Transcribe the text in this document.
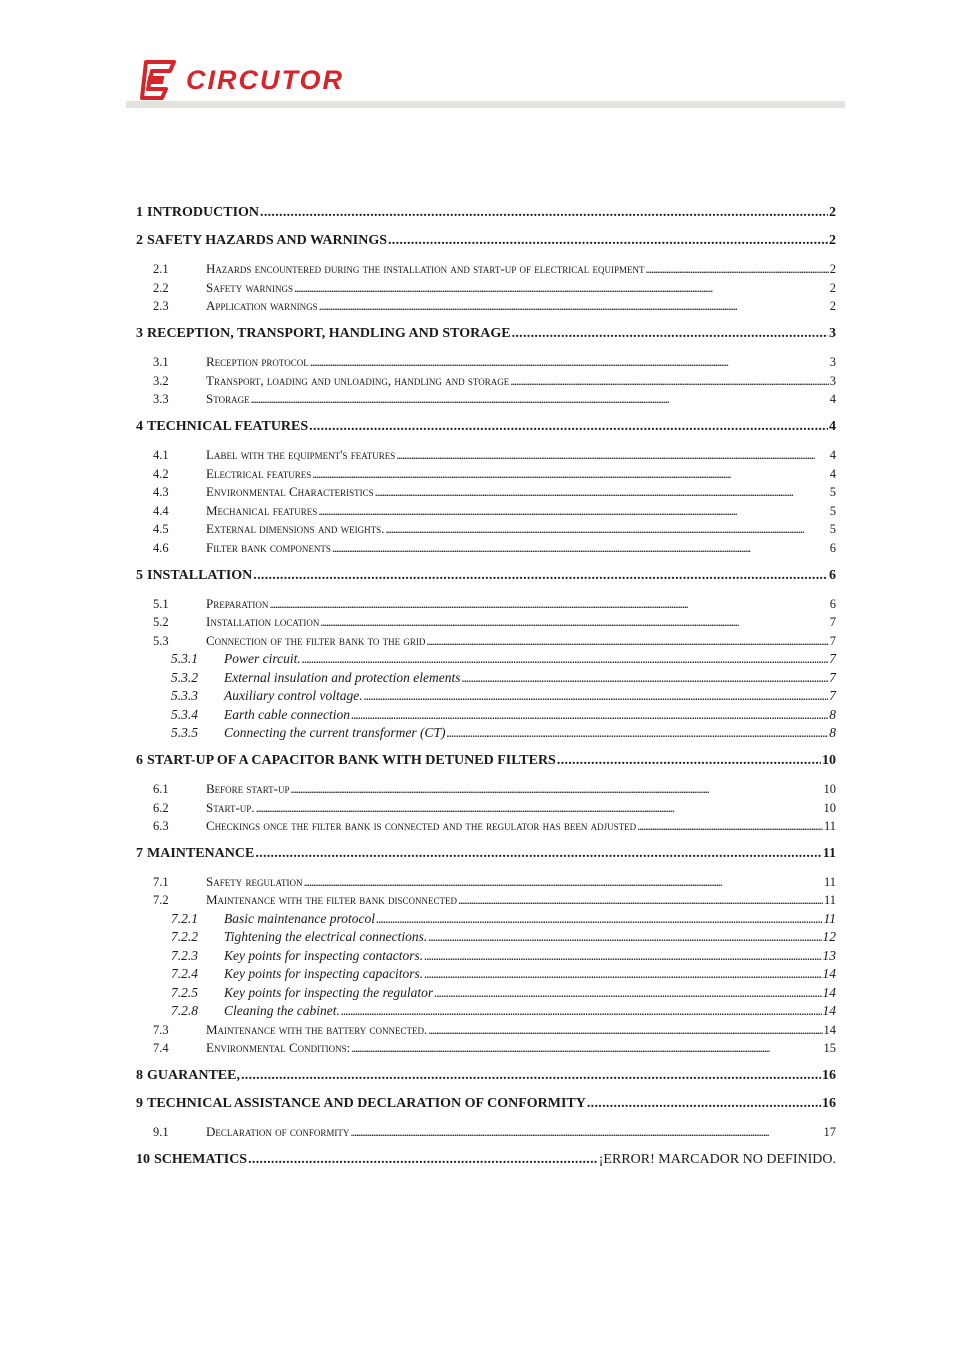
CIRCUTOR
1 INTRODUCTION . . .	2
2 SAFETY HAZARDS AND WARNINGS . . .	2
2.1	Hazards encountered during the installation and start-up of electrical equipment . . .	2
2.2	Safety warnings . . .	2
2.3	Application warnings . . .	2
3 RECEPTION, TRANSPORT, HANDLING AND STORAGE . . .	3
3.1	Reception protocol . . .	3
3.2	Transport, loading and unloading, handling and storage . . .	3
3.3	Storage . . .	4
4 TECHNICAL FEATURES . . .	4
4.1	Label with the equipment's features . . .	4
4.2	Electrical features . . .	4
4.3	Environmental Characteristics . . .	5
4.4	Mechanical features . . .	5
4.5	External dimensions and weights. . . .	5
4.6	Filter bank components . . .	6
5 INSTALLATION . . .	6
5.1	Preparation . . .	6
5.2	Installation location . . .	7
5.3	Connection of the filter bank to the grid . . .	7
5.3.1	Power circuit. . . .	7
5.3.2	External insulation and protection elements . . .	7
5.3.3	Auxiliary control voltage. . . .	7
5.3.4	Earth cable connection . . .	8
5.3.5	Connecting the current transformer (CT) . . .	8
6 START-UP OF A CAPACITOR BANK WITH DETUNED FILTERS . . .	10
6.1	Before start-up . . .	10
6.2	Start-up. . . .	10
6.3	Checkings once the filter bank is connected and the regulator has been adjusted . . .	11
7 MAINTENANCE . . .	11
7.1	Safety regulation . . .	11
7.2	Maintenance with the filter bank disconnected . . .	11
7.2.1	Basic maintenance protocol . . .	11
7.2.2	Tightening the electrical connections. . . .	12
7.2.3	Key points for inspecting contactors. . . .	13
7.2.4	Key points for inspecting capacitors. . . .	14
7.2.5	Key points for inspecting the regulator . . .	14
7.2.8	Cleaning the cabinet. . . .	14
7.3	Maintenance with the battery connected. . . .	14
7.4	Environmental Conditions: . . .	15
8 GUARANTEE, . . .	16
9 TECHNICAL ASSISTANCE AND DECLARATION OF CONFORMITY . . .	16
9.1	Declaration of conformity . . .	17
10 SCHEMATICS . . .	¡ERROR! MARCADOR NO DEFINIDO.
